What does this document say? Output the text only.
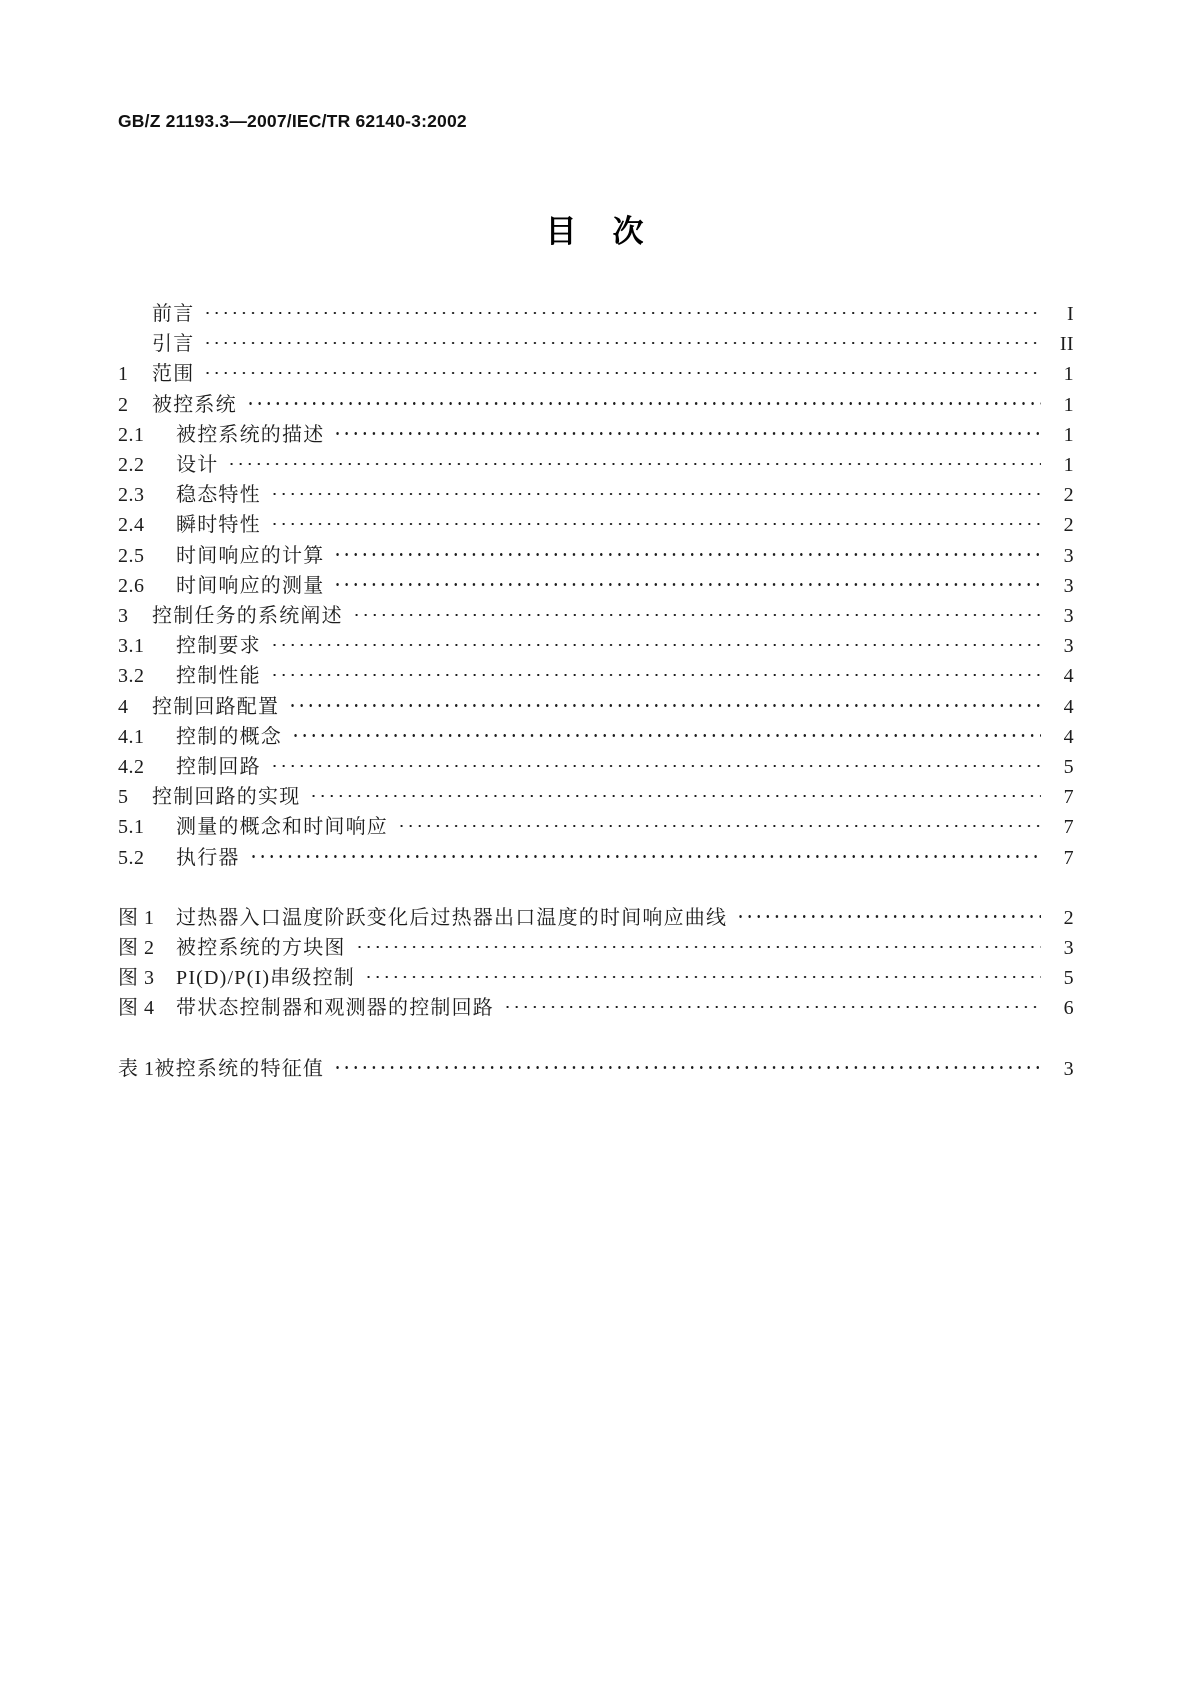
GB/Z 21193.3—2007/IEC/TR 62140-3:2002
目 次
前言	I
引言	II
1	范围	1
2	被控系统	1
2.1	被控系统的描述	1
2.2	设计	1
2.3	稳态特性	2
2.4	瞬时特性	2
2.5	时间响应的计算	3
2.6	时间响应的测量	3
3	控制任务的系统阐述	3
3.1	控制要求	3
3.2	控制性能	4
4	控制回路配置	4
4.1	控制的概念	4
4.2	控制回路	5
5	控制回路的实现	7
5.1	测量的概念和时间响应	7
5.2	执行器	7
图 1	过热器入口温度阶跃变化后过热器出口温度的时间响应曲线	2
图 2	被控系统的方块图	3
图 3	PI(D)/P(I)串级控制	5
图 4	带状态控制器和观测器的控制回路	6
表 1 被控系统的特征值	3
